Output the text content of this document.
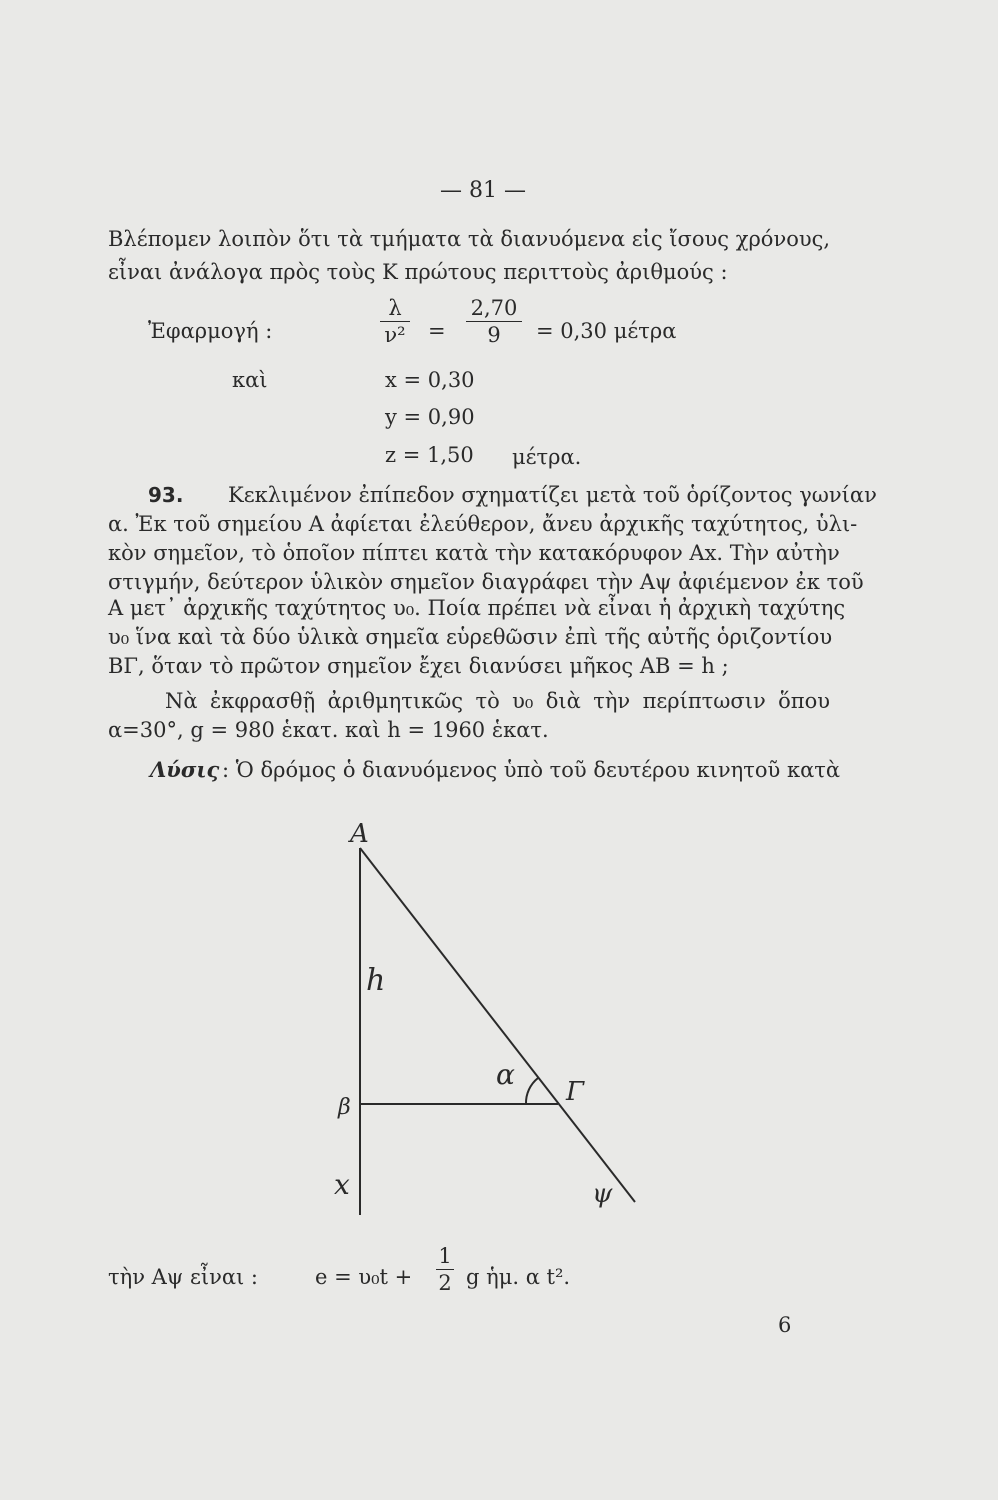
— 81 —
Βλέπομεν λοιπὸν ὅτι τὰ τμήματα τὰ διανυόμενα εἰς ἴσους χρόνους,
εἶναι ἀνάλογα πρὸς τοὺς Κ πρώτους περιττοὺς ἀριθμούς :
Ἐφαρμογή :
λ
ν² =
2,70
9	= 0,30 μέτρα
καὶ	x = 0,30
y = 0,90
z = 1,50 μέτρα.
93. Κεκλιμένον ἐπίπεδον σχηματίζει μετὰ τοῦ ὁρίζοντος γωνίαν
α. Ἐκ τοῦ σημείου Α ἀφίεται ἐλεύθερον, ἄνευ ἀρχικῆς ταχύτητος, ὑλι-
κὸν σημεῖον, τὸ ὁποῖον πίπτει κατὰ τὴν κατακόρυφον Αx. Τὴν αὐτὴν
στιγμήν, δεύτερον ὑλικὸν σημεῖον διαγράφει τὴν Αψ ἀφιέμενον ἐκ τοῦ
Α μετ᾽ ἀρχικῆς ταχύτητος υ₀. Ποία πρέπει νὰ εἶναι ἡ ἀρχικὴ ταχύτης
υ₀ ἵνα καὶ τὰ δύο ὑλικὰ σημεῖα εὑρεθῶσιν ἐπὶ τῆς αὐτῆς ὁριζοντίου
ΒΓ, ὅταν τὸ πρῶτον σημεῖον ἔχει διανύσει μῆκος ΑΒ = h ;
Νὰ ἐκφρασθῇ ἀριθμητικῶς τὸ υ₀ διὰ τὴν περίπτωσιν ὅπου
α=30°, g = 980 ἑκατ. καὶ h = 1960 ἑκατ.
Λύσις : Ὁ δρόμος ὁ διανυόμενος ὑπὸ τοῦ δευτέρου κινητοῦ κατὰ
A
h
α
β
Γ
x	ψ
τὴν Αψ εἶναι :	e = υ₀t +
1
2 g ἡμ. α t².
6
